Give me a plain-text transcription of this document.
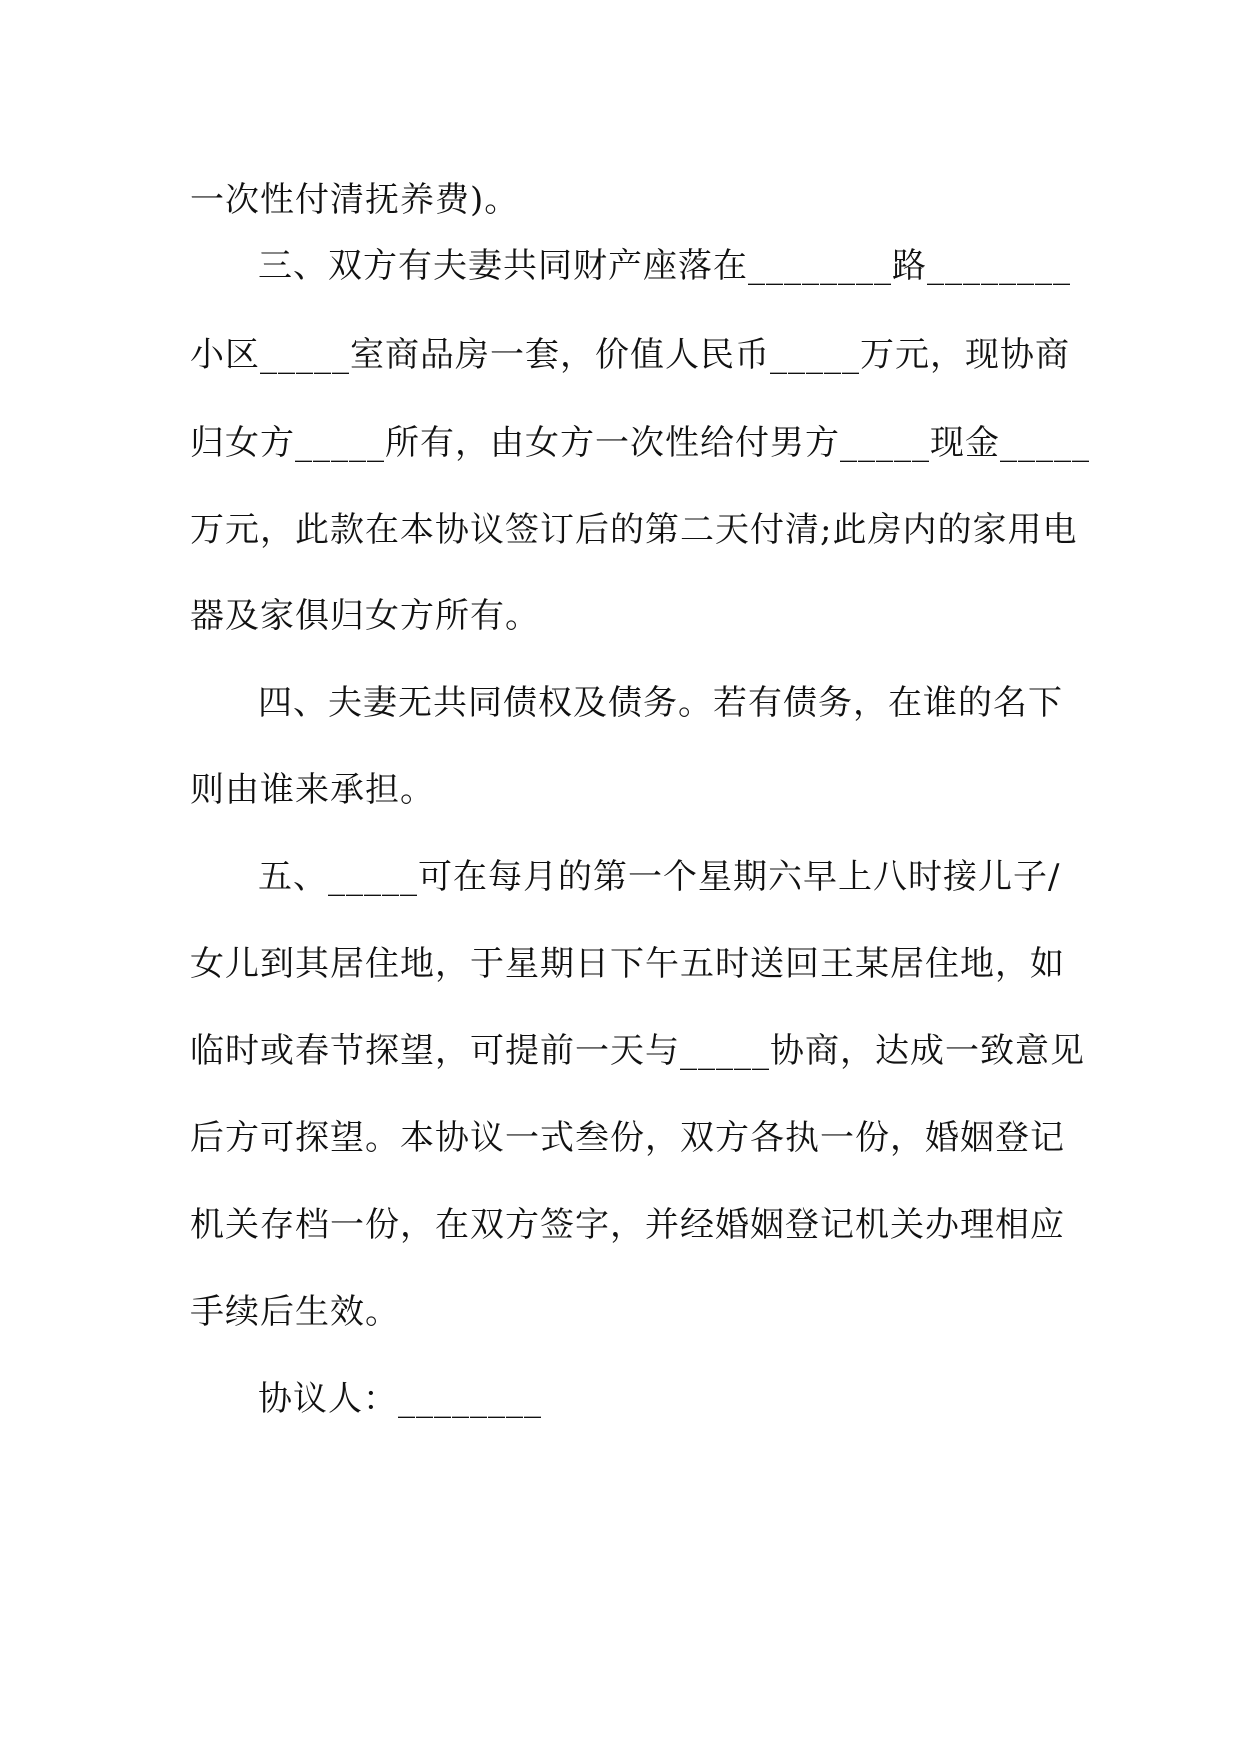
一次性付清抚养费)。
三、双方有夫妻共同财产座落在________路________
小区_____室商品房一套，价值人民币_____万元，现协商
归女方_____所有，由女方一次性给付男方_____现金_____
万元，此款在本协议签订后的第二天付清;此房内的家用电
器及家俱归女方所有。
四、夫妻无共同债权及债务。若有债务，在谁的名下
则由谁来承担。
五、_____可在每月的第一个星期六早上八时接儿子/
女儿到其居住地，于星期日下午五时送回王某居住地，如
临时或春节探望，可提前一天与_____协商，达成一致意见
后方可探望。本协议一式叁份，双方各执一份，婚姻登记
机关存档一份，在双方签字，并经婚姻登记机关办理相应
手续后生效。
协议人：________
